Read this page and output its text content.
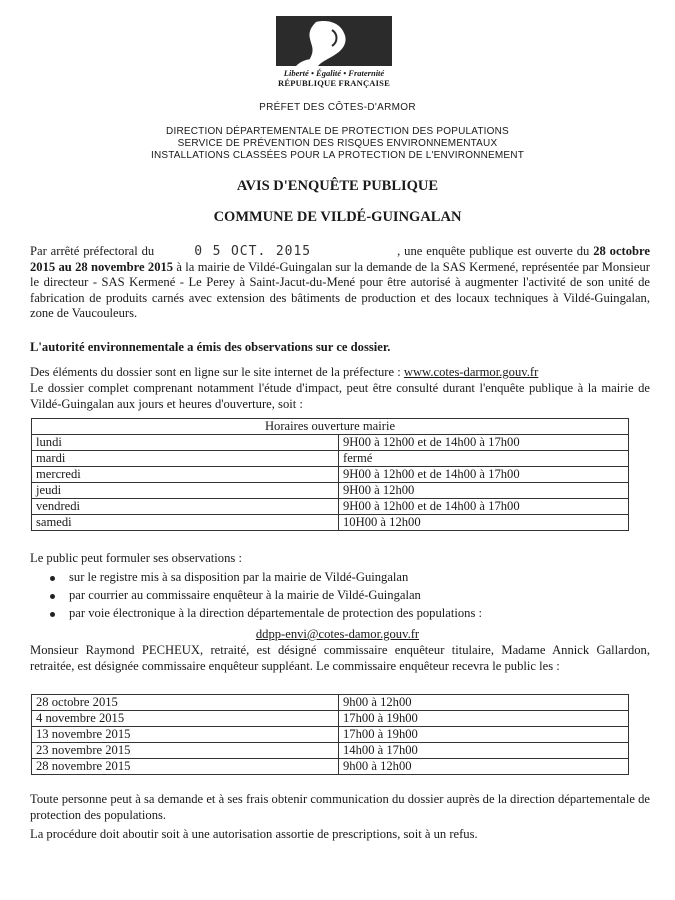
Liberté • Égalité • Fraternité
RÉPUBLIQUE FRANÇAISE
PRÉFET DES CÔTES-D'ARMOR
DIRECTION DÉPARTEMENTALE DE PROTECTION DES POPULATIONS
SERVICE DE PRÉVENTION DES RISQUES ENVIRONNEMENTAUX
INSTALLATIONS CLASSÉES POUR LA PROTECTION DE L'ENVIRONNEMENT
AVIS D'ENQUÊTE PUBLIQUE
COMMUNE DE VILDÉ-GUINGALAN
Par arrêté préfectoral du	0 5 OCT. 2015	, une enquête publique est ouverte du 28 octobre 2015 au 28 novembre 2015 à la mairie de Vildé-Guingalan sur la demande de la SAS Kermené, représentée par Monsieur le directeur - SAS Kermené - Le Perey à Saint-Jacut-du-Mené pour être autorisé à augmenter l'activité de son unité de fabrication de produits carnés avec extension des bâtiments de production et des locaux techniques à Vildé-Guingalan, zone de Vaucouleurs.
L'autorité environnementale a émis des observations sur ce dossier.
Des éléments du dossier sont en ligne sur le site internet de la préfecture : www.cotes-darmor.gouv.fr
Le dossier complet comprenant notamment l'étude d'impact, peut être consulté durant l'enquête publique à la mairie de Vildé-Guingalan aux jours et heures d'ouverture, soit :
Horaires ouverture mairie	
lundi	9H00 à 12h00 et de 14h00 à 17h00
mardi	fermé
mercredi	9H00 à 12h00 et de 14h00 à 17h00
jeudi	9H00 à 12h00
vendredi	9H00 à 12h00 et de 14h00 à 17h00
samedi	10H00 à 12h00
Le public peut formuler ses observations :
sur le registre mis à sa disposition par la mairie de Vildé-Guingalan
par courrier au commissaire enquêteur à la mairie de Vildé-Guingalan
par voie électronique à la direction départementale de protection des populations :
ddpp-envi@cotes-damor.gouv.fr
Monsieur Raymond PECHEUX, retraité, est désigné commissaire enquêteur titulaire, Madame Annick Gallardon, retraitée, est désignée commissaire enquêteur suppléant. Le commissaire enquêteur recevra le public les :
28 octobre 2015	9h00 à 12h00
4 novembre 2015	17h00 à 19h00
13 novembre 2015	17h00 à 19h00
23 novembre 2015	14h00 à 17h00
28 novembre 2015	9h00 à 12h00
Toute personne peut à sa demande et à ses frais obtenir communication du dossier auprès de la direction départementale de protection des populations.
La procédure doit aboutir soit à une autorisation assortie de prescriptions, soit à un refus.
